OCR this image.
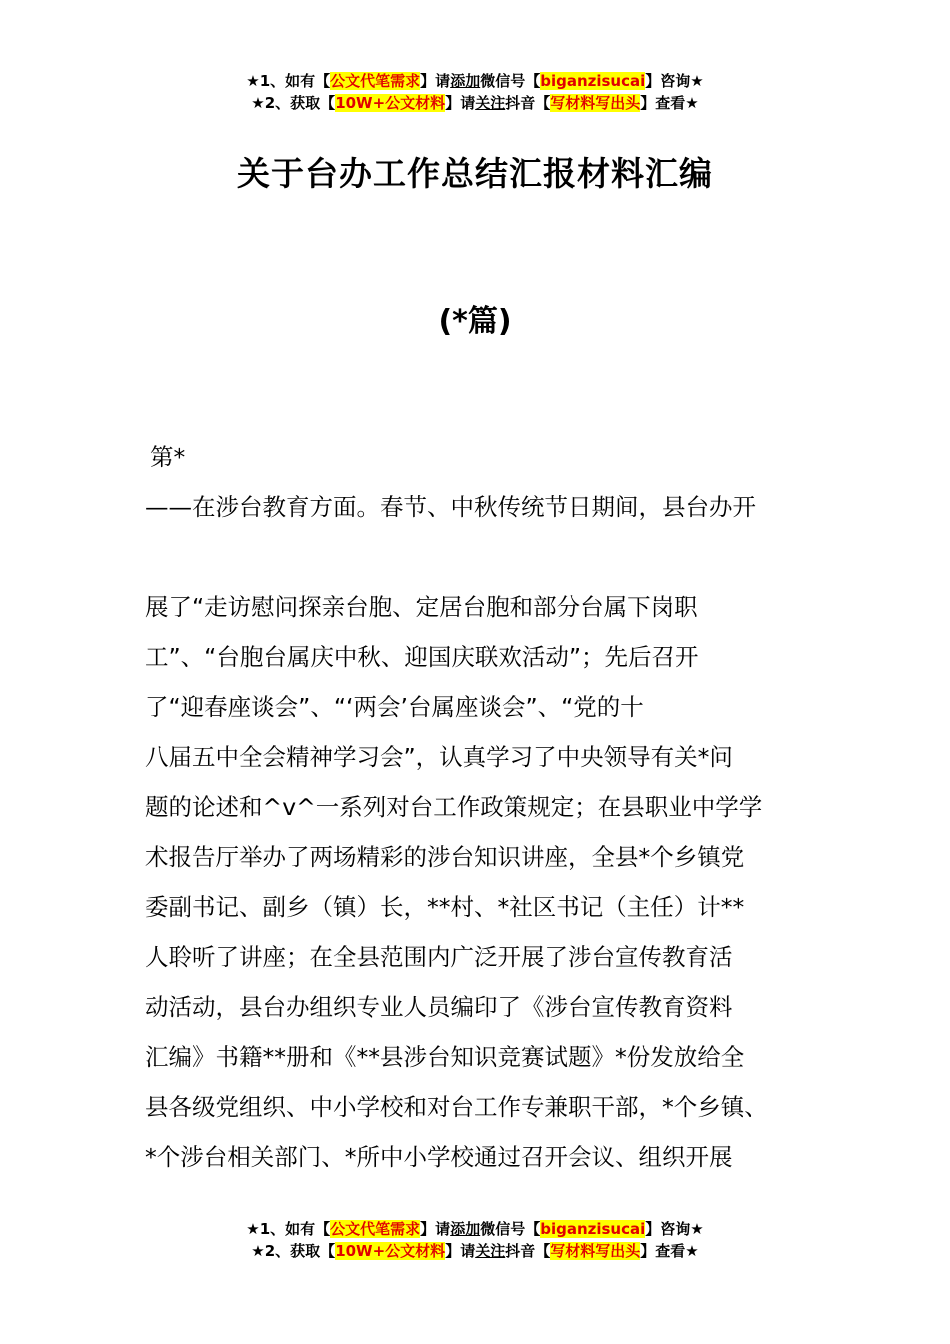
★1、如有【公文代笔需求】请添加微信号【biganzisucai】咨询★
★2、获取【10W+公文材料】请关注抖音【写材料写出头】查看★
关于台办工作总结汇报材料汇编
(*篇)
第*
——在涉台教育方面。春节、中秋传统节日期间，县台办开
展了“走访慰问探亲台胞、定居台胞和部分台属下岗职
工”、“台胞台属庆中秋、迎国庆联欢活动”；先后召开
了“迎春座谈会”、“‘两会’台属座谈会”、“党的十
八届五中全会精神学习会”，认真学习了中央领导有关*问
题的论述和^v^一系列对台工作政策规定；在县职业中学学
术报告厅举办了两场精彩的涉台知识讲座，全县*个乡镇党
委副书记、副乡（镇）长，**村、*社区书记（主任）计**
人聆听了讲座；在全县范围内广泛开展了涉台宣传教育活
动活动，县台办组织专业人员编印了《涉台宣传教育资料
汇编》书籍**册和《**县涉台知识竞赛试题》*份发放给全
县各级党组织、中小学校和对台工作专兼职干部，*个乡镇、
*个涉台相关部门、*所中小学校通过召开会议、组织开展
★1、如有【公文代笔需求】请添加微信号【biganzisucai】咨询★
★2、获取【10W+公文材料】请关注抖音【写材料写出头】查看★
